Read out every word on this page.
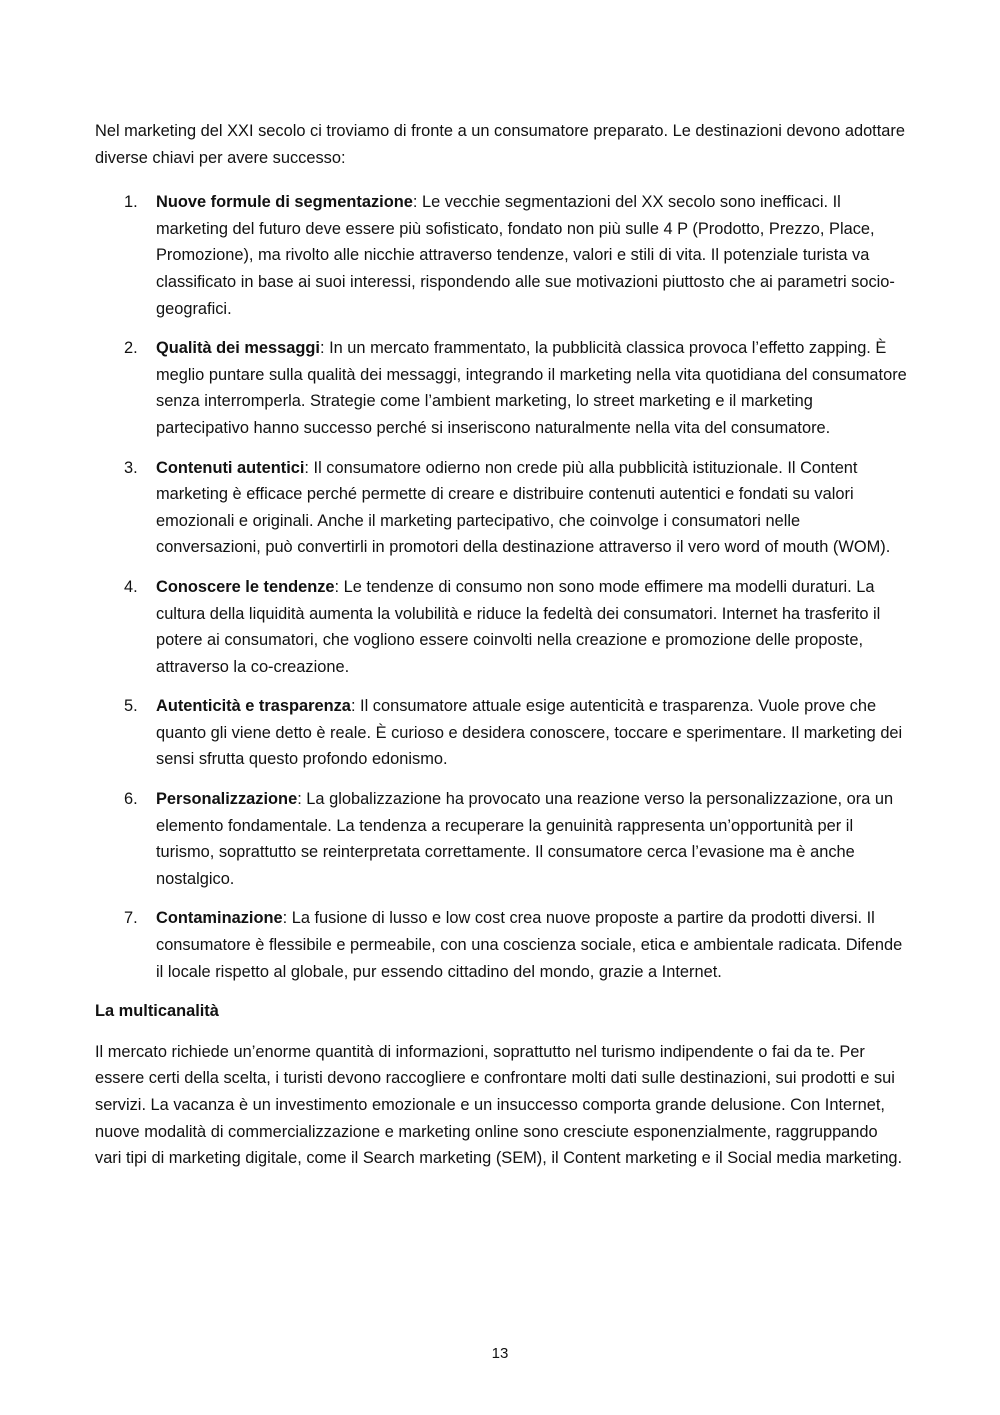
Nel marketing del XXI secolo ci troviamo di fronte a un consumatore preparato. Le destinazioni devono adottare diverse chiavi per avere successo:

1. Nuove formule di segmentazione: Le vecchie segmentazioni del XX secolo sono inefficaci. Il marketing del futuro deve essere più sofisticato, fondato non più sulle 4 P (Prodotto, Prezzo, Place, Promozione), ma rivolto alle nicchie attraverso tendenze, valori e stili di vita. Il potenziale turista va classificato in base ai suoi interessi, rispondendo alle sue motivazioni piuttosto che ai parametri socio-geografici.
2. Qualità dei messaggi: In un mercato frammentato, la pubblicità classica provoca l’effetto zapping. È meglio puntare sulla qualità dei messaggi, integrando il marketing nella vita quotidiana del consumatore senza interromperla. Strategie come l’ambient marketing, lo street marketing e il marketing partecipativo hanno successo perché si inseriscono naturalmente nella vita del consumatore.
3. Contenuti autentici: Il consumatore odierno non crede più alla pubblicità istituzionale. Il Content marketing è efficace perché permette di creare e distribuire contenuti autentici e fondati su valori emozionali e originali. Anche il marketing partecipativo, che coinvolge i consumatori nelle conversazioni, può convertirli in promotori della destinazione attraverso il vero word of mouth (WOM).
4. Conoscere le tendenze: Le tendenze di consumo non sono mode effimere ma modelli duraturi. La cultura della liquidità aumenta la volubilità e riduce la fedeltà dei consumatori. Internet ha trasferito il potere ai consumatori, che vogliono essere coinvolti nella creazione e promozione delle proposte, attraverso la co-creazione.
5. Autenticità e trasparenza: Il consumatore attuale esige autenticità e trasparenza. Vuole prove che quanto gli viene detto è reale. È curioso e desidera conoscere, toccare e sperimentare. Il marketing dei sensi sfrutta questo profondo edonismo.
6. Personalizzazione: La globalizzazione ha provocato una reazione verso la personalizzazione, ora un elemento fondamentale. La tendenza a recuperare la genuinità rappresenta un’opportunità per il turismo, soprattutto se reinterpretata correttamente. Il consumatore cerca l’evasione ma è anche nostalgico.
7. Contaminazione: La fusione di lusso e low cost crea nuove proposte a partire da prodotti diversi. Il consumatore è flessibile e permeabile, con una coscienza sociale, etica e ambientale radicata. Difende il locale rispetto al globale, pur essendo cittadino del mondo, grazie a Internet.
La multicanalità

Il mercato richiede un’enorme quantità di informazioni, soprattutto nel turismo indipendente o fai da te. Per essere certi della scelta, i turisti devono raccogliere e confrontare molti dati sulle destinazioni, sui prodotti e sui servizi. La vacanza è un investimento emozionale e un insuccesso comporta grande delusione. Con Internet, nuove modalità di commercializzazione e marketing online sono cresciute esponenzialmente, raggruppando vari tipi di marketing digitale, come il Search marketing (SEM), il Content marketing e il Social media marketing.

13
